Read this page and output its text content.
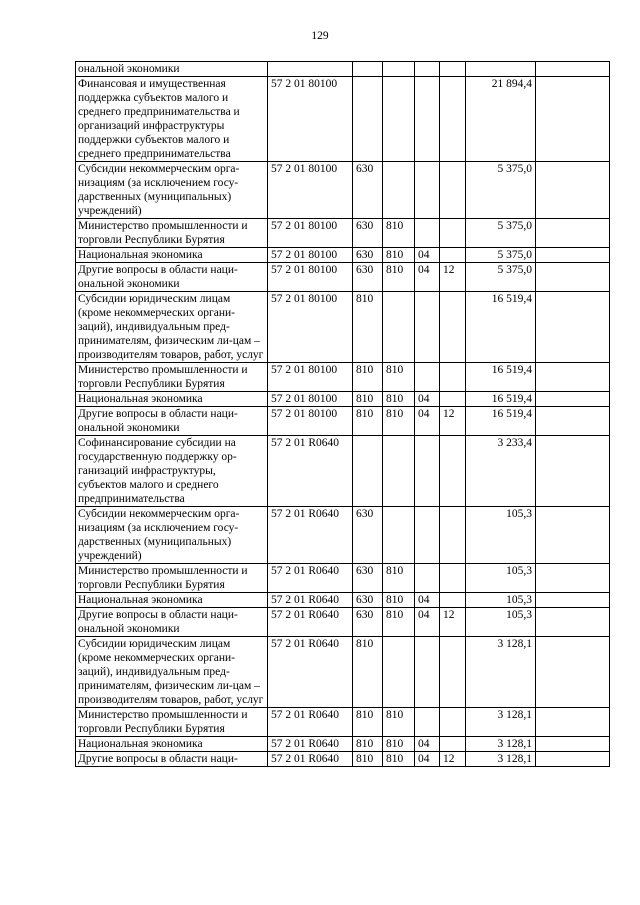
129
ональной экономики							
Финансовая и имущественная поддержка субъектов малого и среднего предпринимательства и организаций инфраструктуры поддержки субъектов малого и среднего предпринимательства	57 2 01 80100					21 894,4	
Субсидии некоммерческим орга-низациям (за исключением госу-дарственных (муниципальных) учреждений)	57 2 01 80100	630				5 375,0	
Министерство промышленности и торговли Республики Бурятия	57 2 01 80100	630	810			5 375,0	
Национальная экономика	57 2 01 80100	630	810	04		5 375,0	
Другие вопросы в области наци-ональной экономики	57 2 01 80100	630	810	04	12	5 375,0	
Субсидии юридическим лицам (кроме некоммерческих органи-заций), индивидуальным пред-принимателям, физическим ли-цам – производителям товаров, работ, услуг	57 2 01 80100	810				16 519,4	
Министерство промышленности и торговли Республики Бурятия	57 2 01 80100	810	810			16 519,4	
Национальная экономика	57 2 01 80100	810	810	04		16 519,4	
Другие вопросы в области наци-ональной экономики	57 2 01 80100	810	810	04	12	16 519,4	
Софинансирование субсидии на государственную поддержку ор-ганизаций инфраструктуры, субъектов малого и среднего предпринимательства	57 2 01 R0640					3 233,4	
Субсидии некоммерческим орга-низациям (за исключением госу-дарственных (муниципальных) учреждений)	57 2 01 R0640	630				105,3	
Министерство промышленности и торговли Республики Бурятия	57 2 01 R0640	630	810			105,3	
Национальная экономика	57 2 01 R0640	630	810	04		105,3	
Другие вопросы в области наци-ональной экономики	57 2 01 R0640	630	810	04	12	105,3	
Субсидии юридическим лицам (кроме некоммерческих органи-заций), индивидуальным пред-принимателям, физическим ли-цам – производителям товаров, работ, услуг	57 2 01 R0640	810				3 128,1	
Министерство промышленности и торговли Республики Бурятия	57 2 01 R0640	810	810			3 128,1	
Национальная экономика	57 2 01 R0640	810	810	04		3 128,1	
Другие вопросы в области наци-	57 2 01 R0640	810	810	04	12	3 128,1	
